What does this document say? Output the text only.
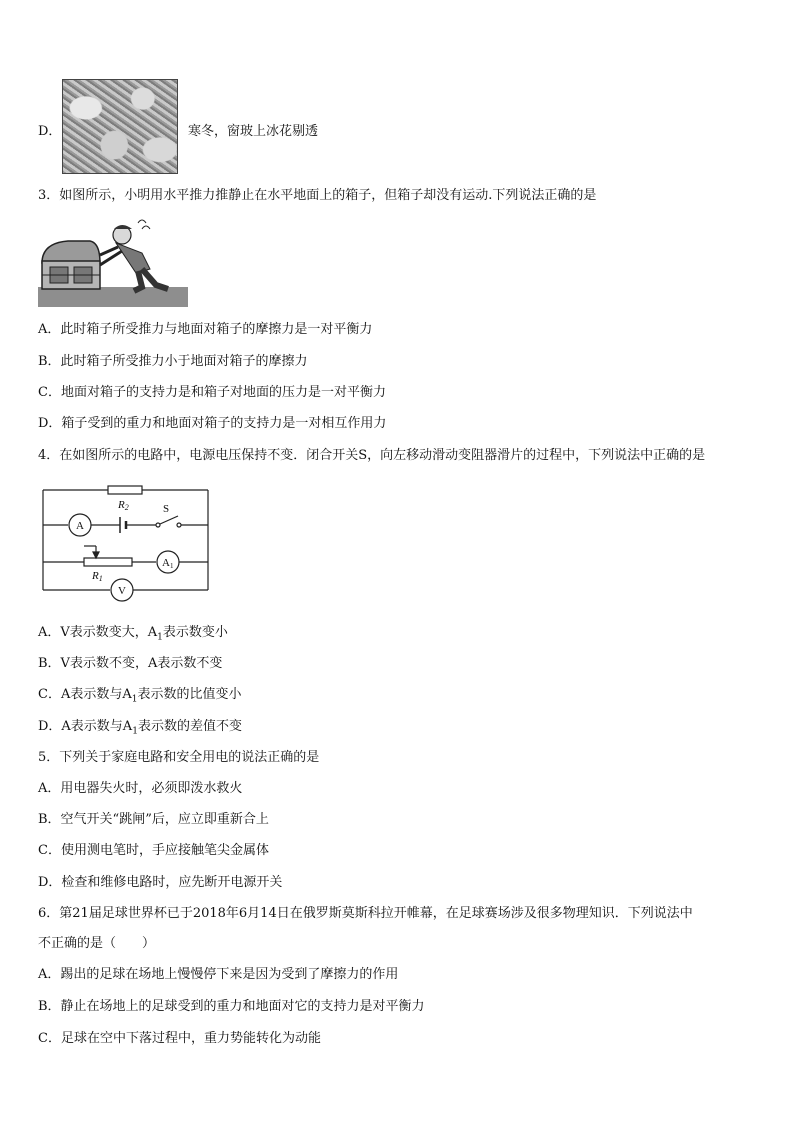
D．	寒冬，窗玻上冰花剔透
3．如图所示，小明用水平推力推静止在水平地面上的箱子，但箱子却没有运动.下列说法正确的是
A．此时箱子所受推力与地面对箱子的摩擦力是一对平衡力
B．此时箱子所受推力小于地面对箱子的摩擦力
C．地面对箱子的支持力是和箱子对地面的压力是一对平衡力
D．箱子受到的重力和地面对箱子的支持力是一对相互作用力
4．在如图所示的电路中，电源电压保持不变．闭合开关S，向左移动滑动变阻器滑片的过程中，下列说法中正确的是
R2
R1
S
A
A1
V
A．V表示数变大，$A_1$表示数变小
B．V表示数不变，A表示数不变
C．A表示数与$A_1$表示数的比值变小
D．A表示数与$A_1$表示数的差值不变
5．下列关于家庭电路和安全用电的说法正确的是
A．用电器失火时，必须即泼水救火
B．空气开关“跳闸”后，应立即重新合上
C．使用测电笔时，手应接触笔尖金属体
D．检查和维修电路时，应先断开电源开关
6．第21届足球世界杯已于2018年6月14日在俄罗斯莫斯科拉开帷幕，在足球赛场涉及很多物理知识．下列说法中
不正确的是（　　）
A．踢出的足球在场地上慢慢停下来是因为受到了摩擦力的作用
B．静止在场地上的足球受到的重力和地面对它的支持力是对平衡力
C．足球在空中下落过程中，重力势能转化为动能
